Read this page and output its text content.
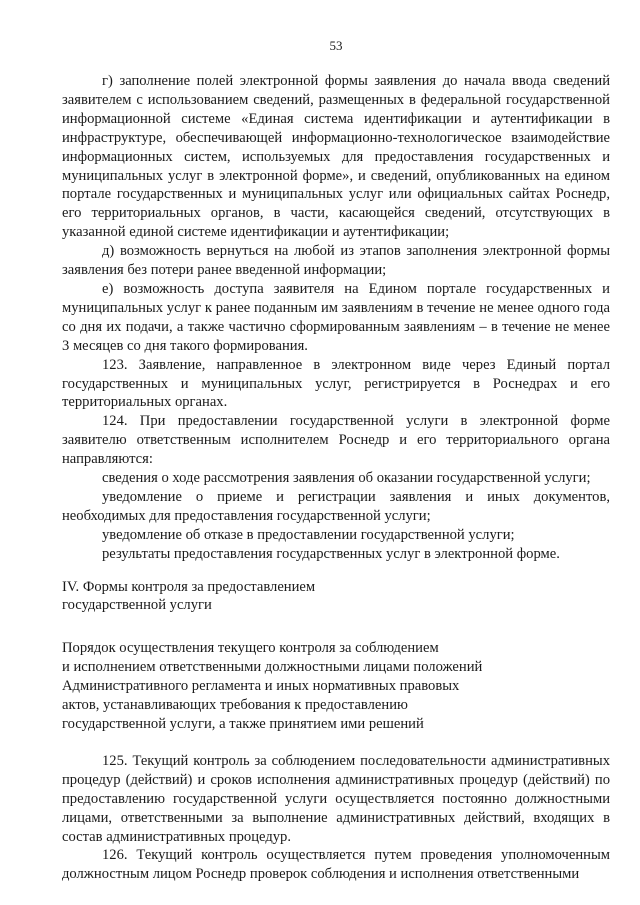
53

г) заполнение полей электронной формы заявления до начала ввода сведений заявителем с использованием сведений, размещенных в федеральной государственной информационной системе «Единая система идентификации и аутентификации в инфраструктуре, обеспечивающей информационно-технологическое взаимодействие информационных систем, используемых для предоставления государственных и муниципальных услуг в электронной форме», и сведений, опубликованных на едином портале государственных и муниципальных услуг или официальных сайтах Роснедр, его территориальных органов, в части, касающейся сведений, отсутствующих в указанной единой системе идентификации и аутентификации;

д) возможность вернуться на любой из этапов заполнения электронной формы заявления без потери ранее введенной информации;

е) возможность доступа заявителя на Едином портале государственных и муниципальных услуг к ранее поданным им заявлениям в течение не менее одного года со дня их подачи, а также частично сформированным заявлениям – в течение не менее 3 месяцев со дня такого формирования.

123. Заявление, направленное в электронном виде через Единый портал государственных и муниципальных услуг, регистрируется в Роснедрах и его территориальных органах.

124. При предоставлении государственной услуги в электронной форме заявителю ответственным исполнителем Роснедр и его территориального органа направляются:

сведения о ходе рассмотрения заявления об оказании государственной услуги;

уведомление о приеме и регистрации заявления и иных документов, необходимых для предоставления государственной услуги;

уведомление об отказе в предоставлении государственной услуги;

результаты предоставления государственных услуг в электронной форме.

IV. Формы контроля за предоставлением
государственной услуги

Порядок осуществления текущего контроля за соблюдением
и исполнением ответственными должностными лицами положений
Административного регламента и иных нормативных правовых
актов, устанавливающих требования к предоставлению
государственной услуги, а также принятием ими решений

125. Текущий контроль за соблюдением последовательности административных процедур (действий) и сроков исполнения административных процедур (действий) по предоставлению государственной услуги осуществляется постоянно должностными лицами, ответственными за выполнение административных действий, входящих в состав административных процедур.

126. Текущий контроль осуществляется путем проведения уполномоченным должностным лицом Роснедр проверок соблюдения и исполнения ответственными
